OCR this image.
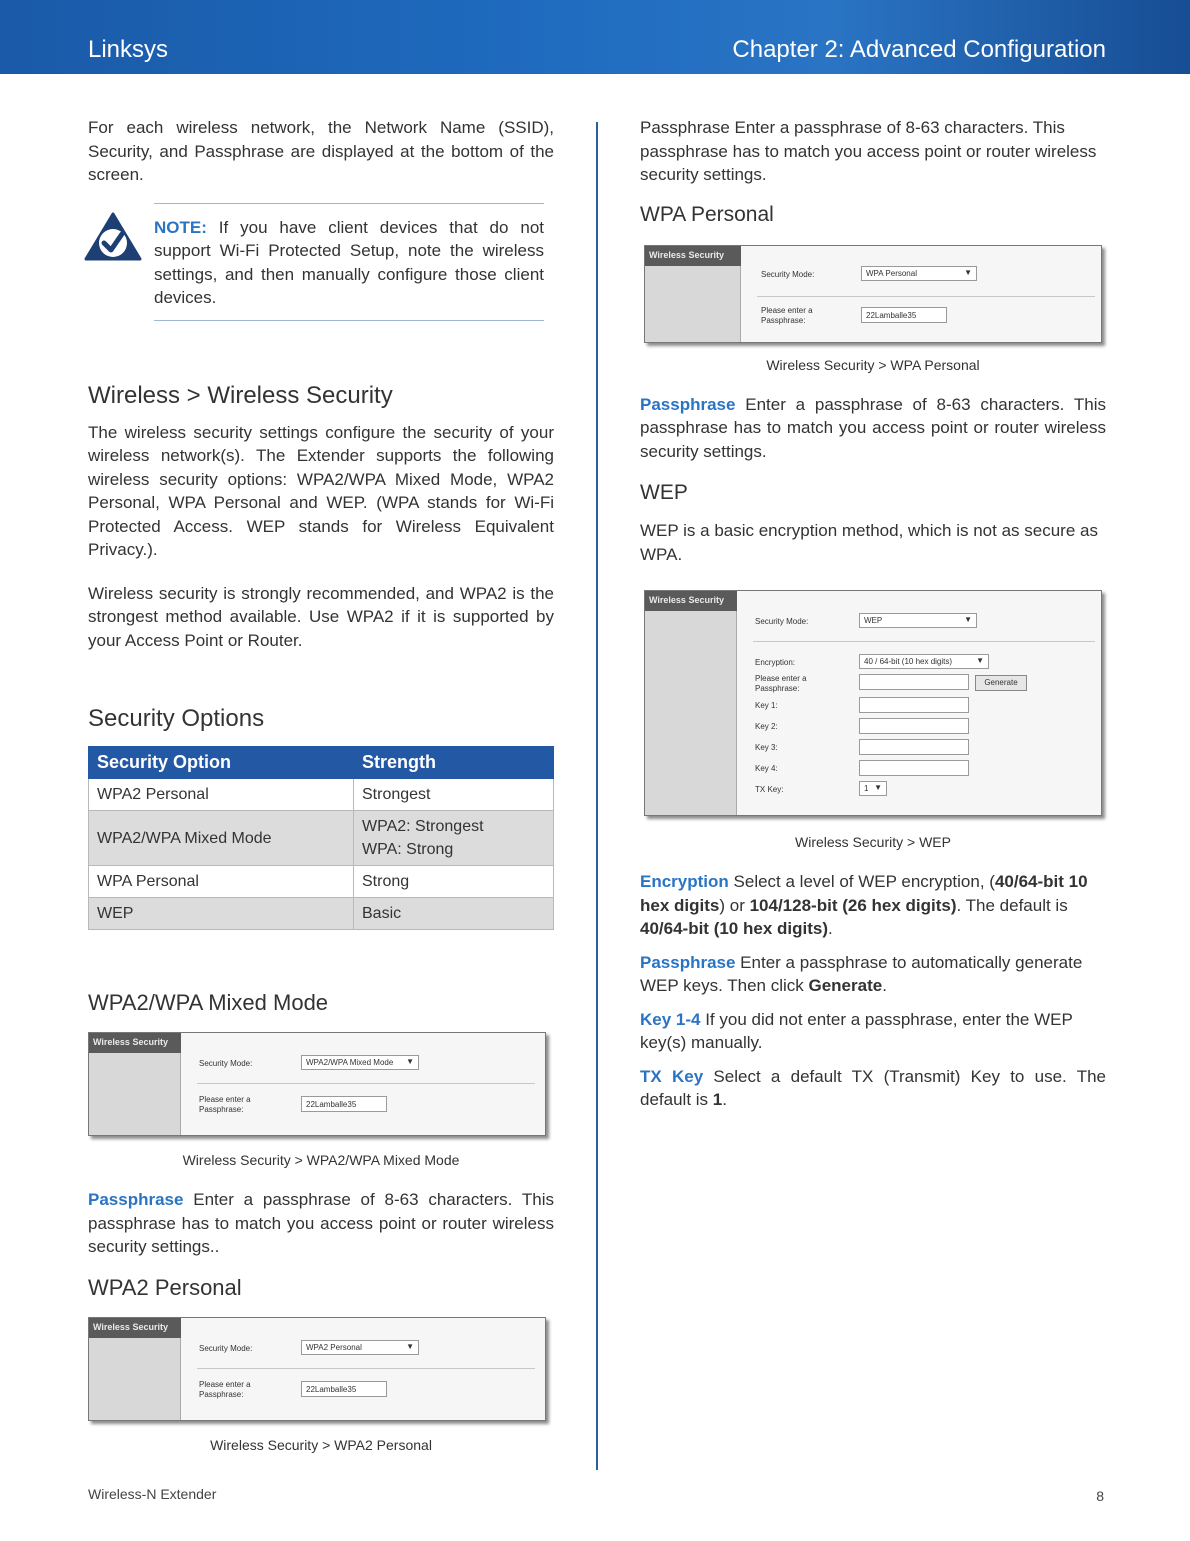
Linksys	Chapter 2: Advanced Configuration

For each wireless network, the Network Name (SSID), Security, and Passphrase are displayed at the bottom of the screen.

NOTE: If you have client devices that do not support Wi-Fi Protected Setup, note the wireless settings, and then manually configure those client devices.

Wireless > Wireless Security

The wireless security settings configure the security of your wireless network(s). The Extender supports the following wireless security options: WPA2/WPA Mixed Mode, WPA2 Personal, WPA Personal and WEP. (WPA stands for Wi-Fi Protected Access. WEP stands for Wireless Equivalent Privacy.).

Wireless security is strongly recommended, and WPA2 is the strongest method available. Use WPA2 if it is supported by your Access Point or Router.

Security Options
Security Option	Strength
WPA2 Personal	Strongest
WPA2/WPA Mixed Mode	WPA2: Strongest
WPA: Strong

WPA Personal	Strong
WEP	Basic
WPA2/WPA Mixed Mode
Wireless Security
Security Mode:	WPA2/WPA Mixed Mode ▼
Please enter a
Passphrase:
22Lamballe35
Wireless Security > WPA2/WPA Mixed Mode

Passphrase Enter a passphrase of 8-63 characters. This passphrase has to match you access point or router wireless security settings..

WPA2 Personal
Wireless Security
Security Mode:	WPA2 Personal	▼
Please enter a
Passphrase:
22Lamballe35
Wireless Security > WPA2 Personal

Passphrase Enter a passphrase of 8-63 characters. This passphrase has to match you access point or router wireless security settings.

WPA Personal
Wireless Security
Security Mode:	WPA Personal	▼
Please enter a
Passphrase:
22Lamballe35
Wireless Security > WPA Personal

Passphrase Enter a passphrase of 8-63 characters. This passphrase has to match you access point or router wireless security settings.

WEP

WEP is a basic encryption method, which is not as secure as WPA.

Wireless Security
Security Mode:	WEP	▼
Encryption:	40 / 64-bit (10 hex digits)	▼
Please enter a
Passphrase:
Generate
Key 1:
Key 2:
Key 3:
Key 4:
TX Key:	1 ▼
Wireless Security > WEP

Encryption Select a level of WEP encryption, (40/64-bit 10 hex digits) or 104/128-bit (26 hex digits). The default is 40/64-bit (10 hex digits).

Passphrase Enter a passphrase to automatically generate WEP keys. Then click Generate.

Key 1-4 If you did not enter a passphrase, enter the WEP key(s) manually.

TX Key Select a default TX (Transmit) Key to use. The default is 1.

Wireless-N Extender	8
